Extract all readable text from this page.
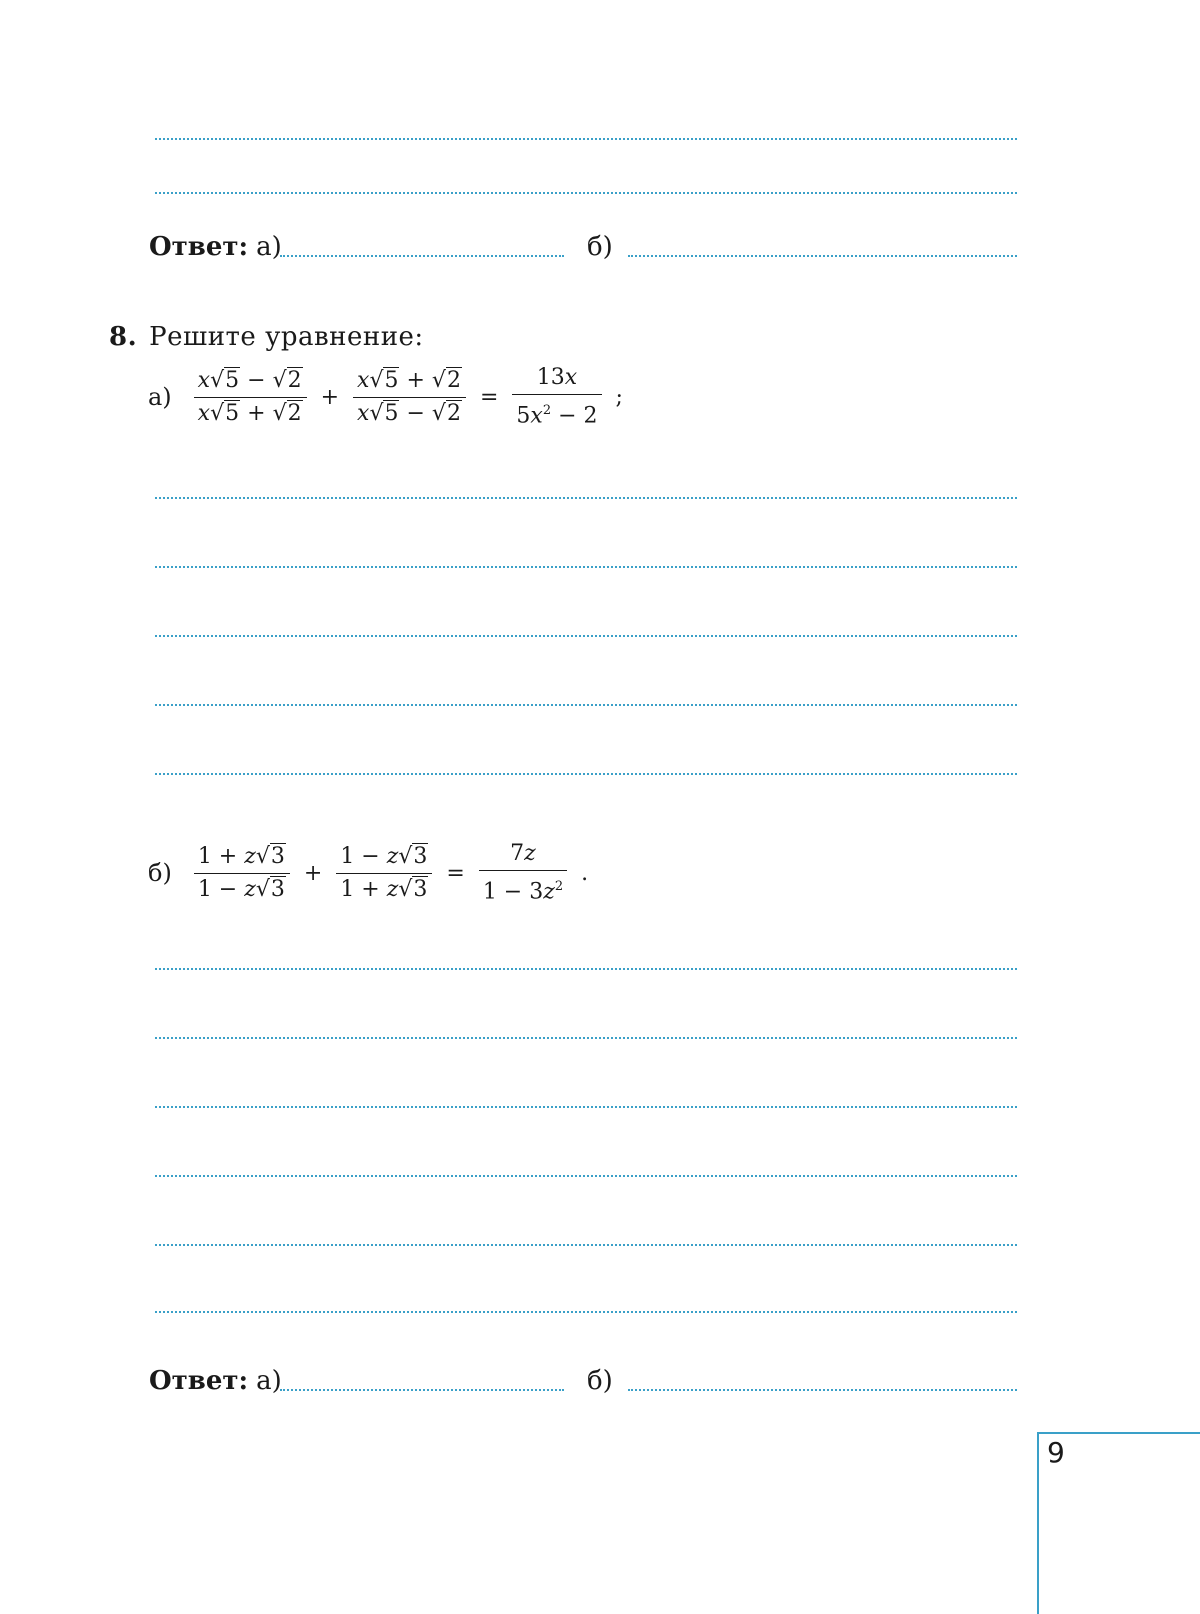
Ответ: а)	б)
8. Решите уравнение:
$а) \frac{x√5 - √2}{x√5 + √2} + \frac{x√5 + √2}{x√5 - √2} = \frac{13x}{5x^2 - 2}$ ;
$б) \frac{1 + z√3}{1 - z√3} + \frac{1 - z√3}{1 + z√3} = \frac{7z}{1 - 3z^2}$ .
Ответ: а)	б)
9
